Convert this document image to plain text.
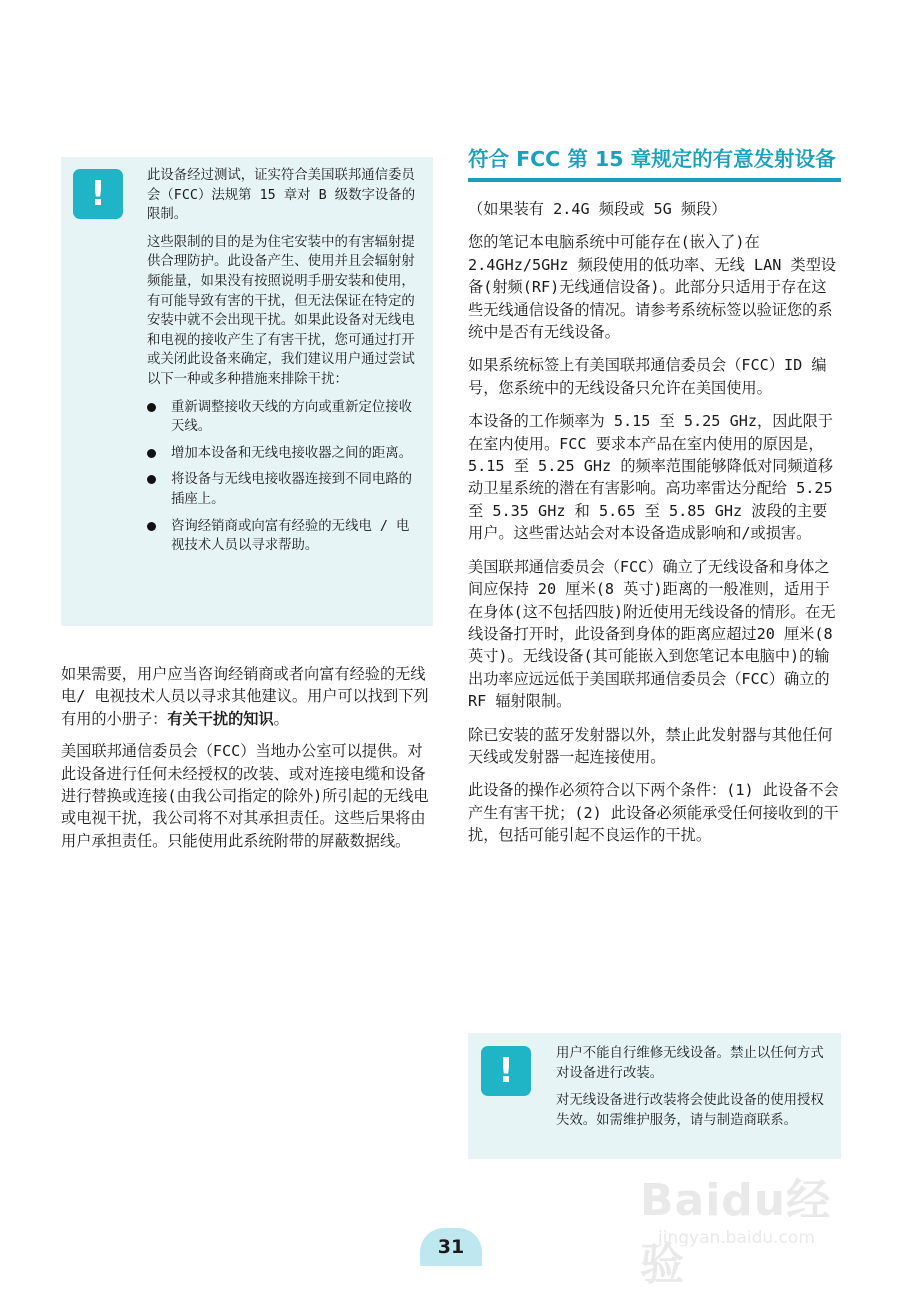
!	此设备经过测试，证实符合美国联邦通信委员会（FCC）法规第 15 章对 B 级数字设备的限制。

这些限制的目的是为住宅安装中的有害辐射提供合理防护。此设备产生、使用并且会辐射射频能量，如果没有按照说明手册安装和使用，有可能导致有害的干扰，但无法保证在特定的安装中就不会出现干扰。如果此设备对无线电和电视的接收产生了有害干扰，您可通过打开或关闭此设备来确定，我们建议用户通过尝试以下一种或多种措施来排除干扰：

重新调整接收天线的方向或重新定位接收天线。
增加本设备和无线电接收器之间的距离。
将设备与无线电接收器连接到不同电路的插座上。
咨询经销商或向富有经验的无线电 / 电视技术人员以寻求帮助。

如果需要，用户应当咨询经销商或者向富有经验的无线电/ 电视技术人员以寻求其他建议。用户可以找到下列有用的小册子：有关干扰的知识。

美国联邦通信委员会（FCC）当地办公室可以提供。对此设备进行任何未经授权的改装、或对连接电缆和设备进行替换或连接(由我公司指定的除外)所引起的无线电或电视干扰，我公司将不对其承担责任。这些后果将由用户承担责任。只能使用此系统附带的屏蔽数据线。

符合 FCC 第 15 章规定的有意发射设备

（如果装有 2.4G 频段或 5G 频段）

您的笔记本电脑系统中可能存在(嵌入了)在 2.4GHz/5GHz 频段使用的低功率、无线 LAN 类型设备(射频(RF)无线通信设备)。此部分只适用于存在这些无线通信设备的情况。请参考系统标签以验证您的系统中是否有无线设备。

如果系统标签上有美国联邦通信委员会（FCC）ID 编号，您系统中的无线设备只允许在美国使用。

本设备的工作频率为 5.15 至 5.25 GHz，因此限于在室内使用。FCC 要求本产品在室内使用的原因是，5.15 至 5.25 GHz 的频率范围能够降低对同频道移动卫星系统的潜在有害影响。高功率雷达分配给 5.25 至 5.35 GHz 和 5.65 至 5.85 GHz 波段的主要用户。这些雷达站会对本设备造成影响和/或损害。

美国联邦通信委员会（FCC）确立了无线设备和身体之间应保持 20 厘米(8 英寸)距离的一般准则，适用于在身体(这不包括四肢)附近使用无线设备的情形。在无线设备打开时，此设备到身体的距离应超过20 厘米(8 英寸)。无线设备(其可能嵌入到您笔记本电脑中)的输出功率应远远低于美国联邦通信委员会（FCC）确立的 RF 辐射限制。

除已安装的蓝牙发射器以外，禁止此发射器与其他任何天线或发射器一起连接使用。

此设备的操作必须符合以下两个条件：(1) 此设备不会产生有害干扰；(2) 此设备必须能承受任何接收到的干扰，包括可能引起不良运作的干扰。

!	用户不能自行维修无线设备。禁止以任何方式对设备进行改装。

对无线设备进行改装将会使此设备的使用授权失效。如需维护服务，请与制造商联系。

Baidu经验
jingyan.baidu.com
31
